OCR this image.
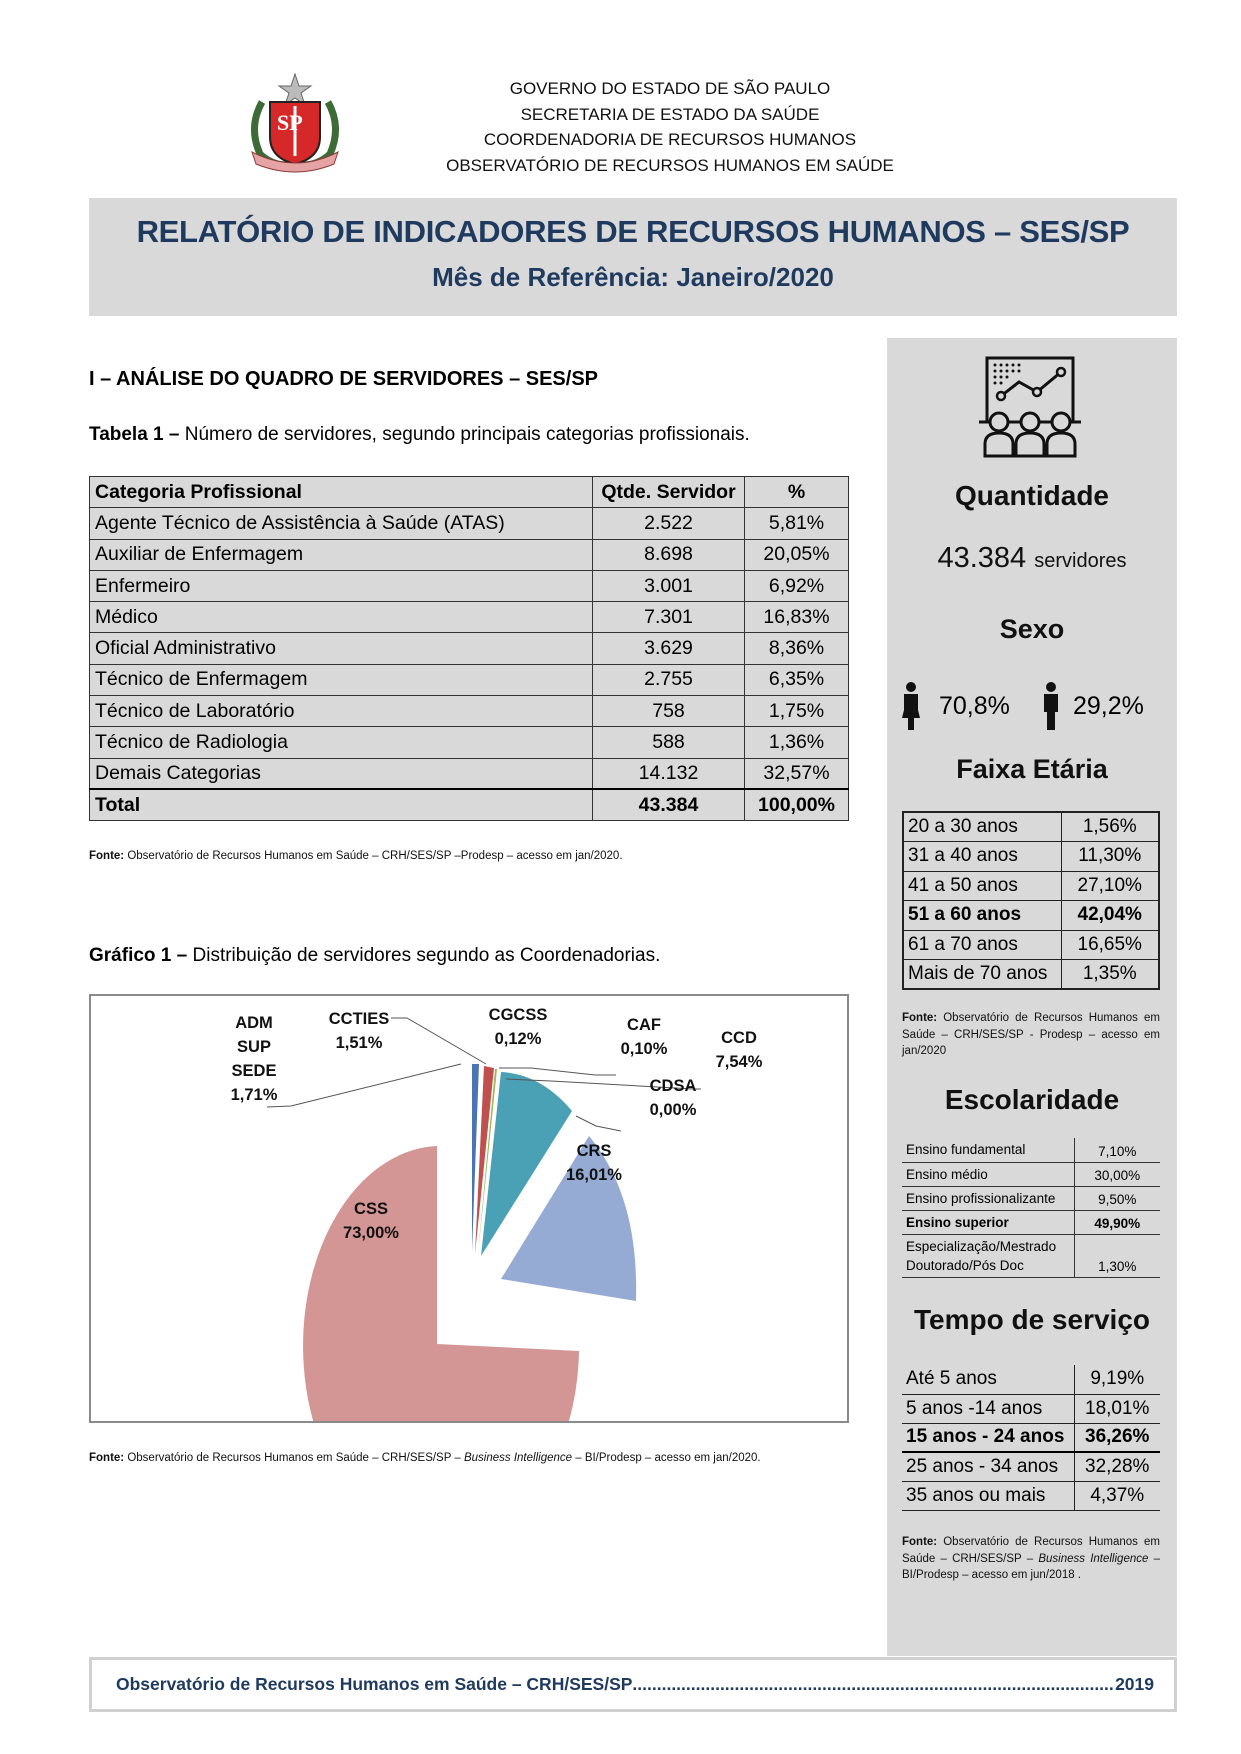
SP
GOVERNO DO ESTADO DE SÃO PAULO
SECRETARIA DE ESTADO DA SAÚDE
COORDENADORIA DE RECURSOS HUMANOS
OBSERVATÓRIO DE RECURSOS HUMANOS EM SAÚDE
RELATÓRIO DE INDICADORES DE RECURSOS HUMANOS – SES/SP
Mês de Referência: Janeiro/2020
I – ANÁLISE DO QUADRO DE SERVIDORES – SES/SP
Tabela 1 – Número de servidores, segundo principais categorias profissionais.
Categoria Profissional	Qtde. Servidor	%
Agente Técnico de Assistência à Saúde (ATAS)	2.522	5,81%
Auxiliar de Enfermagem	8.698	20,05%
Enfermeiro	3.001	6,92%
Médico	7.301	16,83%
Oficial Administrativo	3.629	8,36%
Técnico de Enfermagem	2.755	6,35%
Técnico de Laboratório	758	1,75%
Técnico de Radiologia	588	1,36%
Demais Categorias	14.132	32,57%
Total	43.384	100,00%
Fonte: Observatório de Recursos Humanos em Saúde – CRH/SES/SP –Prodesp – acesso em jan/2020.
Gráfico 1 – Distribuição de servidores segundo as Coordenadorias.
ADM
SUP
SEDE
1,71%
CCTIES
1,51%
CGCSS
0,12%
CAF
0,10%
CCD
7,54%
CDSA
0,00%
CRS
16,01%
CSS
73,00%
Fonte: Observatório de Recursos Humanos em Saúde – CRH/SES/SP – Business Intelligence – BI/Prodesp – acesso em jan/2020.
Quantidade
43.384 servidores
Sexo
70,8%	29,2%
Faixa Etária
20 a 30 anos	1,56%
31 a 40 anos	11,30%
41 a 50 anos	27,10%
51 a 60 anos	42,04%
61 a 70 anos	16,65%
Mais de 70 anos	1,35%
Fonte: Observatório de Recursos Humanos em Saúde – CRH/SES/SP - Prodesp – acesso em jan/2020
Escolaridade
Ensino fundamental	7,10%
Ensino médio	30,00%
Ensino profissionalizante	9,50%
Ensino superior	49,90%
Especialização/Mestrado
Doutorado/Pós Doc	1,30%
Tempo de serviço
Até 5 anos	9,19%
5 anos -14 anos	18,01%
15 anos - 24 anos	36,26%
25 anos - 34 anos	32,28%
35 anos ou mais	4,37%
Fonte: Observatório de Recursos Humanos em Saúde – CRH/SES/SP – Business Intelligence – BI/Prodesp – acesso em jun/2018 .
Observatório de Recursos Humanos em Saúde – CRH/SES/SP .....	2019
